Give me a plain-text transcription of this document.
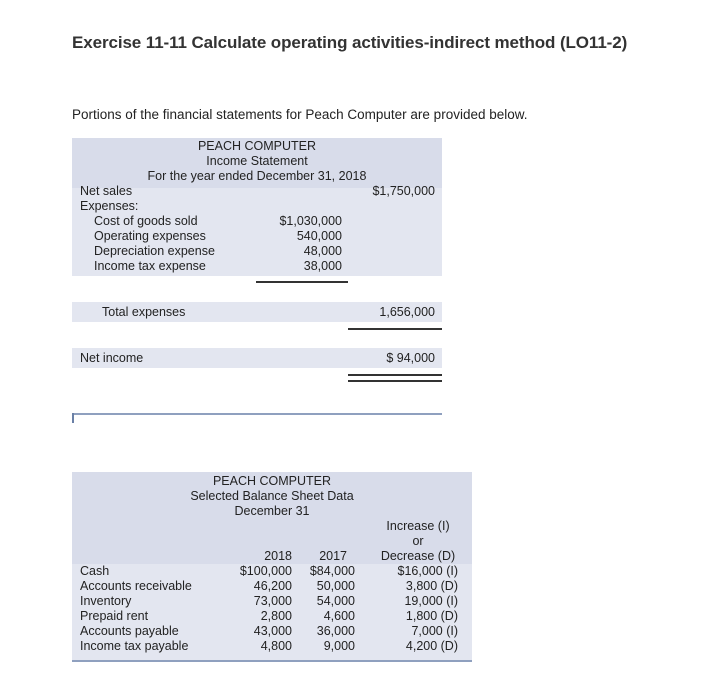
Exercise 11-11 Calculate operating activities-indirect method (LO11-2)
Portions of the financial statements for Peach Computer are provided below.
PEACH COMPUTER
Income Statement
For the year ended December 31, 2018
Net sales	$1,750,000
Expenses:
Cost of goods sold	$1,030,000
Operating expenses	540,000
Depreciation expense	48,000
Income tax expense	38,000
Total expenses	1,656,000
Net income	$ 94,000
PEACH COMPUTER
Selected Balance Sheet Data
December 31
Increase (I)
or
Decrease (D)
2018	2017
Cash	$100,000	$84,000	$16,000 (I)
Accounts receivable	46,200	50,000	3,800 (D)
Inventory	73,000	54,000	19,000 (I)
Prepaid rent	2,800	4,600	1,800 (D)
Accounts payable	43,000	36,000	7,000 (I)
Income tax payable	4,800	9,000	4,200 (D)
